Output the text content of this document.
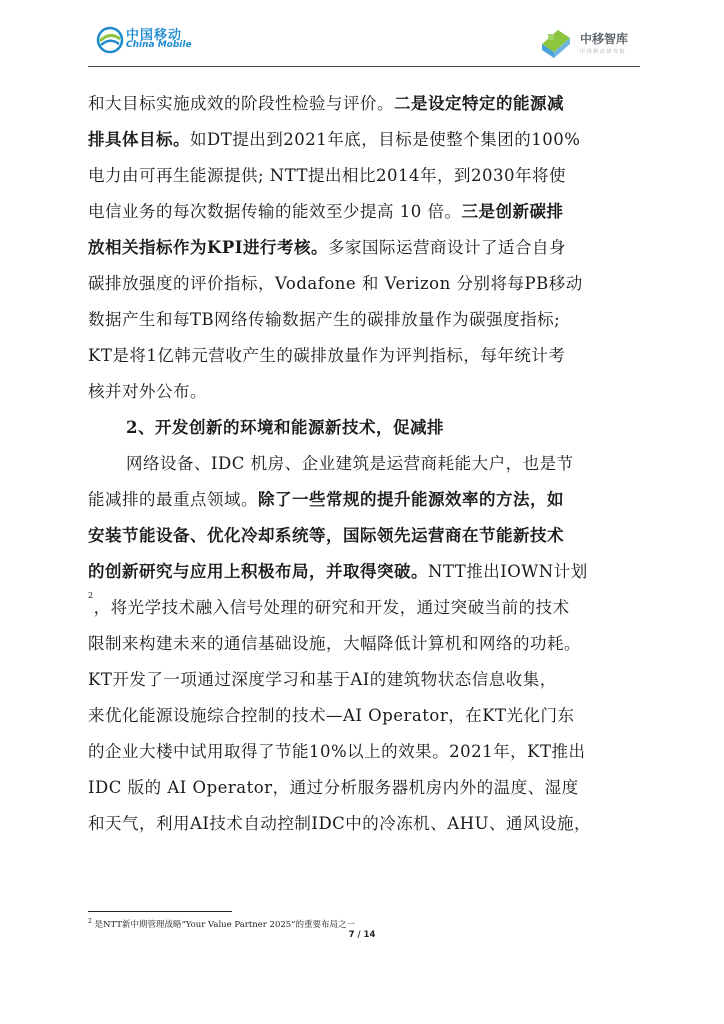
中国移动
China Mobile	中移智库
中 国 移 动 研 究 院
和大目标实施成效的阶段性检验与评价。二是设定特定的能源减
排具体目标。如DT提出到2021年底，目标是使整个集团的100%
电力由可再生能源提供; NTT提出相比2014年，到2030年将使
电信业务的每次数据传输的能效至少提高 10 倍。三是创新碳排
放相关指标作为KPI进行考核。多家国际运营商设计了适合自身
碳排放强度的评价指标，Vodafone 和 Verizon 分别将每PB移动
数据产生和每TB网络传输数据产生的碳排放量作为碳强度指标;
KT是将1亿韩元营收产生的碳排放量作为评判指标，每年统计考
核并对外公布。
2、开发创新的环境和能源新技术，促减排
网络设备、IDC 机房、企业建筑是运营商耗能大户，也是节
能减排的最重点领域。除了一些常规的提升能源效率的方法，如
安装节能设备、优化冷却系统等，国际领先运营商在节能新技术
的创新研究与应用上积极布局，并取得突破。NTT推出IOWN计划
$^2$，将光学技术融入信号处理的研究和开发，通过突破当前的技术
限制来构建未来的通信基础设施，大幅降低计算机和网络的功耗。
KT开发了一项通过深度学习和基于AI的建筑物状态信息收集，
来优化能源设施综合控制的技术—AI Operator，在KT光化门东
的企业大楼中试用取得了节能10%以上的效果。2021年，KT推出
IDC 版的 AI Operator，通过分析服务器机房内外的温度、湿度
和天气，利用AI技术自动控制IDC中的冷冻机、AHU、通风设施，
$^2$ 是NTT新中期管理战略“Your Value Partner 2025”的重要布局之一
7 / 14
